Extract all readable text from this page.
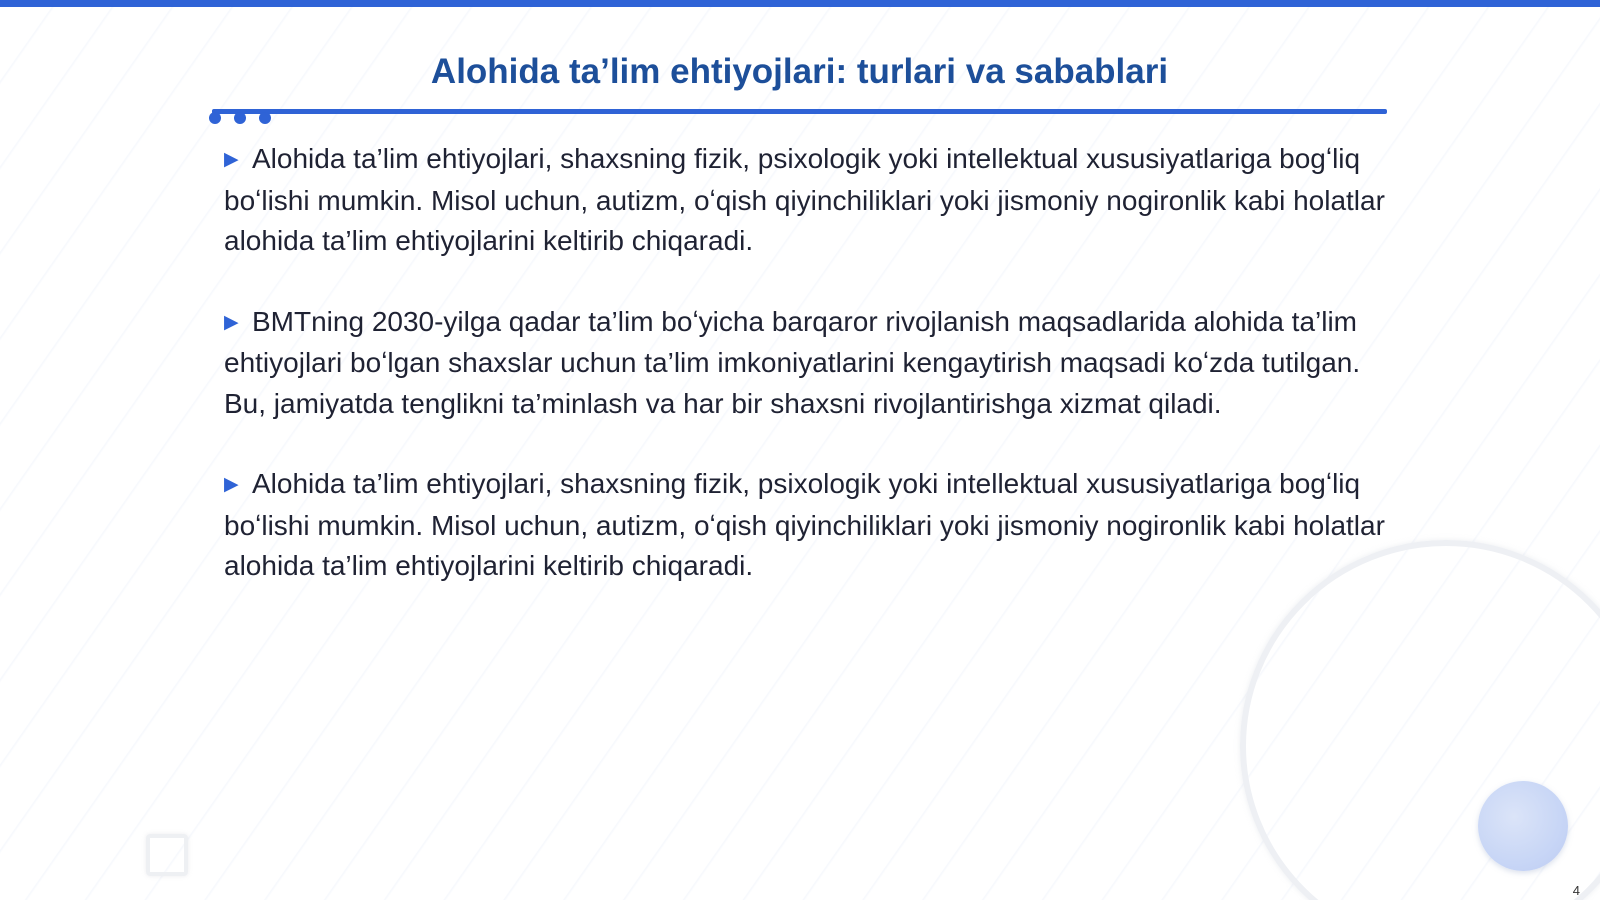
Alohida ta’lim ehtiyojlari: turlari va sabablari

▶ Alohida ta’lim ehtiyojlari, shaxsning fizik, psixologik yoki intellektual xususiyatlariga bogʻliq boʻlishi mumkin. Misol uchun, autizm, oʻqish qiyinchiliklari yoki jismoniy nogironlik kabi holatlar alohida ta’lim ehtiyojlarini keltirib chiqaradi.

▶ BMTning 2030-yilga qadar ta’lim boʻyicha barqaror rivojlanish maqsadlarida alohida ta’lim ehtiyojlari boʻlgan shaxslar uchun ta’lim imkoniyatlarini kengaytirish maqsadi koʻzda tutilgan. Bu, jamiyatda tenglikni ta’minlash va har bir shaxsni rivojlantirishga xizmat qiladi.

▶ Alohida ta’lim ehtiyojlari, shaxsning fizik, psixologik yoki intellektual xususiyatlariga bogʻliq boʻlishi mumkin. Misol uchun, autizm, oʻqish qiyinchiliklari yoki jismoniy nogironlik kabi holatlar alohida ta’lim ehtiyojlarini keltirib chiqaradi.

4
